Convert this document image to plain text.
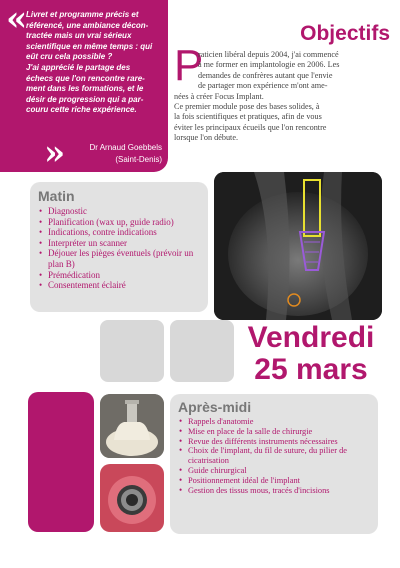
«

Livret et programme précis et

référencé, une ambiance décon-

tractée mais un vrai sérieux

scientifique en même temps : qui

eût cru cela possible ?

J'ai apprécié le partage des

échecs que l'on rencontre rare-

ment dans les formations, et le

désir de progression qui a par-

couru cette riche expérience.

»	Dr Arnaud Goebbels
(Saint-Denis)
Objectifs
P
raticien libéral depuis 2004, j'ai commencé
à me former en implantologie en 2006. Les
demandes de confrères autant que l'envie
de partager mon expérience m'ont ame-
nées à créer Focus Implant.
Ce premier module pose des bases solides, à
la fois scientifiques et pratiques, afin de vous
éviter les principaux écueils que l'on rencontre
lorsque l'on débute.
Matin
• Diagnostic
• Planification (wax up, guide radio)
• Indications, contre indications
• Interpréter un scanner
• Déjouer les pièges éventuels (prévoir un plan B)
• Prémédication
• Consentement éclairé
Vendredi
25 mars
Après-midi
• Rappels d'anatomie
• Mise en place de la salle de chirurgie
• Revue des différents instruments nécessaires
• Choix de l'implant, du fil de suture, du pilier de cicatrisation
• Guide chirurgical
• Positionnement idéal de l'implant
• Gestion des tissus mous, tracés d'incisions
